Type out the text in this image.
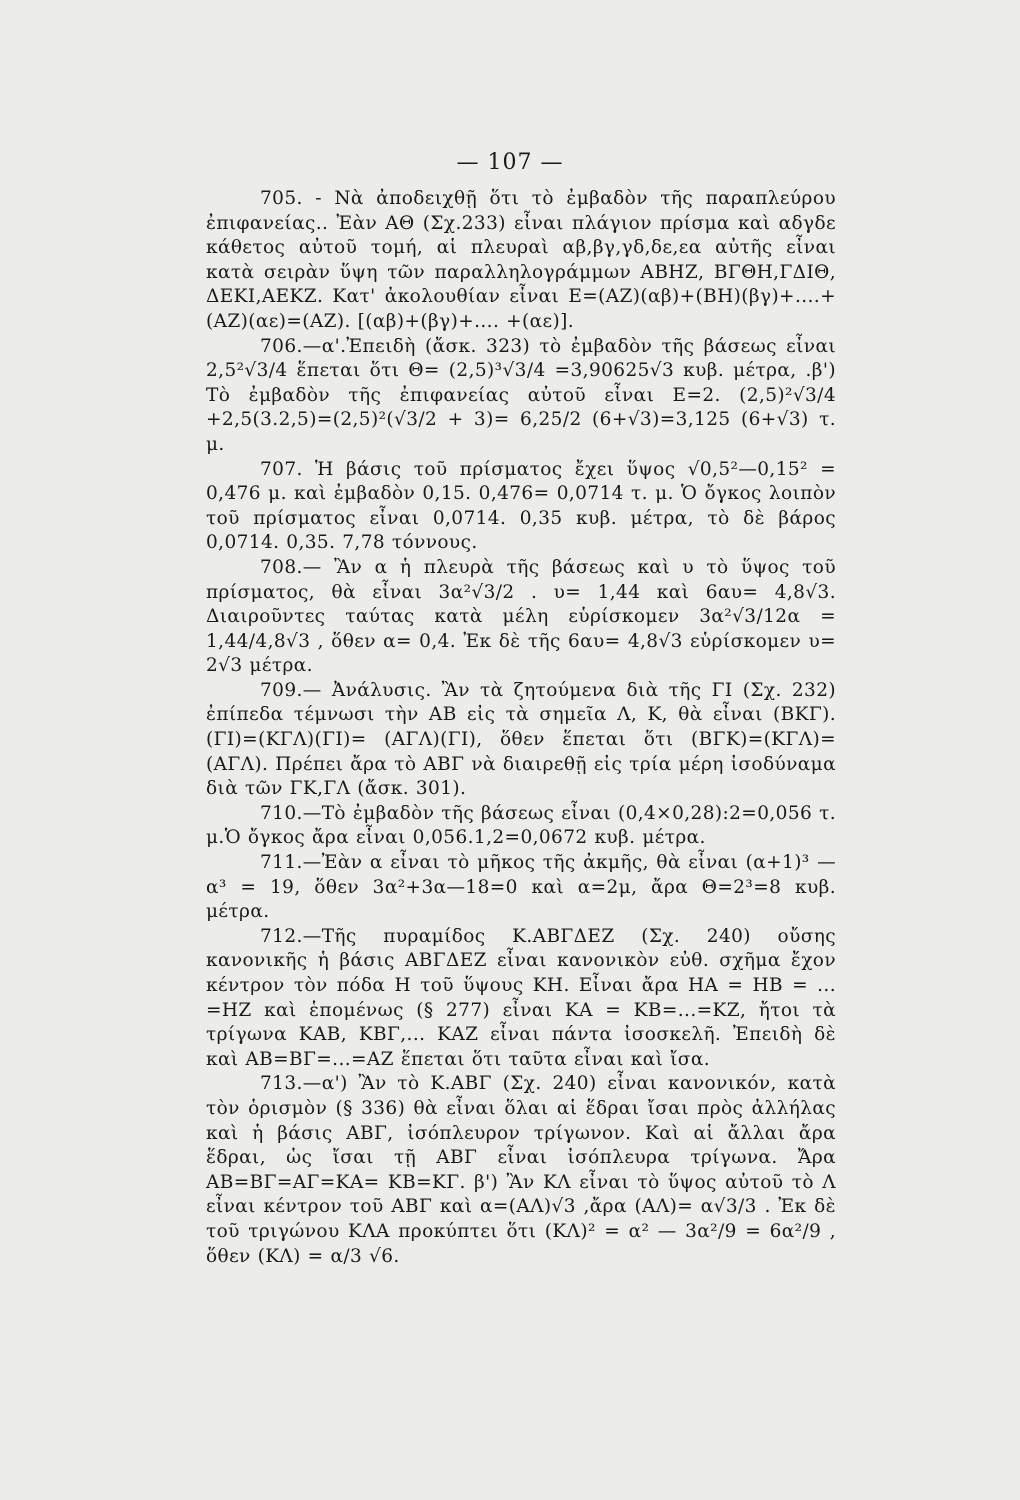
— 107 —

705. - Νὰ ἀποδειχθῇ ὅτι τὸ ἐμβαδὸν τῆς παραπλεύρου ἐπιφανείας.. Ἐὰν ΑΘ (Σχ.233) εἶναι πλάγιον πρίσμα καὶ αδγδε κάθετος αὐτοῦ τομή, αἱ πλευραὶ αβ,βγ,γδ,δε,εα αὐτῆς εἶναι κατὰ σειρὰν ὕψη τῶν παραλληλογράμμων ΑΒΗΖ, ΒΓΘΗ,ΓΔΙΘ, ΔΕΚΙ,ΑΕΚΖ. Κατ' ἀκολουθίαν εἶναι Ε=(ΑΖ)(αβ)+(ΒΗ)(βγ)+....+(ΑΖ)(αε)=(ΑΖ). [(αβ)+(βγ)+.... +(αε)].

706.—α'.Ἐπειδὴ (ἄσκ. 323) τὸ ἐμβαδὸν τῆς βάσεως εἶναι 2,5²√3/4 ἕπεται ὅτι Θ= (2,5)³√3/4 =3,90625√3 κυβ. μέτρα, .β') Τὸ ἐμβαδὸν τῆς ἐπιφανείας αὐτοῦ εἶναι Ε=2. (2,5)²√3/4 +2,5(3.2,5)=(2,5)²(√3/2 + 3)= 6,25/2 (6+√3)=3,125 (6+√3) τ. μ.

707. Ἡ βάσις τοῦ πρίσματος ἔχει ὕψος √0,5²—0,15² = 0,476 μ. καὶ ἐμβαδὸν 0,15. 0,476= 0,0714 τ. μ. Ὁ ὄγκος λοιπὸν τοῦ πρίσματος εἶναι 0,0714. 0,35 κυβ. μέτρα, τὸ δὲ βάρος 0,0714. 0,35. 7,78 τόννους.

708.— Ἂν α ἡ πλευρὰ τῆς βάσεως καὶ υ τὸ ὕψος τοῦ πρίσματος, θὰ εἶναι 3α²√3/2 . υ= 1,44 καὶ 6αυ= 4,8√3. Διαιροῦντες ταύτας κατὰ μέλη εὑρίσκομεν 3α²√3/12α = 1,44/4,8√3 , ὅθεν α= 0,4. Ἐκ δὲ τῆς 6αυ= 4,8√3 εὑρίσκομεν υ= 2√3 μέτρα.

709.— Ἀνάλυσις. Ἂν τὰ ζητούμενα διὰ τῆς ΓΙ (Σχ. 232) ἐπίπεδα τέμνωσι τὴν ΑΒ εἰς τὰ σημεῖα Λ, Κ, θὰ εἶναι (ΒΚΓ).(ΓΙ)=(ΚΓΛ)(ΓΙ)= (ΑΓΛ)(ΓΙ), ὅθεν ἕπεται ὅτι (ΒΓΚ)=(ΚΓΛ)=(ΑΓΛ). Πρέπει ἄρα τὸ ΑΒΓ νὰ διαιρεθῇ εἰς τρία μέρη ἰσοδύναμα διὰ τῶν ΓΚ,ΓΛ (ἄσκ. 301).

710.—Τὸ ἐμβαδὸν τῆς βάσεως εἶναι (0,4×0,28):2=0,056 τ. μ.Ὁ ὄγκος ἄρα εἶναι 0,056.1,2=0,0672 κυβ. μέτρα.

711.—Ἐὰν α εἶναι τὸ μῆκος τῆς ἀκμῆς, θὰ εἶναι (α+1)³ — α³ = 19, ὅθεν 3α²+3α—18=0 καὶ α=2μ, ἄρα Θ=2³=8 κυβ. μέτρα.

712.—Τῆς πυραμίδος Κ.ΑΒΓΔΕΖ (Σχ. 240) οὔσης κανονικῆς ἡ βάσις ΑΒΓΔΕΖ εἶναι κανονικὸν εὐθ. σχῆμα ἔχον κέντρον τὸν πόδα Η τοῦ ὕψους ΚΗ. Εἶναι ἄρα ΗΑ = ΗΒ = ... =ΗΖ καὶ ἑπομένως (§ 277) εἶναι ΚΑ = ΚΒ=...=ΚΖ, ἤτοι τὰ τρίγωνα ΚΑΒ, ΚΒΓ,... ΚΑΖ εἶναι πάντα ἰσοσκελῆ. Ἐπειδὴ δὲ καὶ ΑΒ=ΒΓ=...=ΑΖ ἕπεται ὅτι ταῦτα εἶναι καὶ ἴσα.

713.—α') Ἂν τὸ Κ.ΑΒΓ (Σχ. 240) εἶναι κανονικόν, κατὰ τὸν ὁρισμὸν (§ 336) θὰ εἶναι ὅλαι αἱ ἕδραι ἴσαι πρὸς ἀλλήλας καὶ ἡ βάσις ΑΒΓ, ἰσόπλευρον τρίγωνον. Καὶ αἱ ἄλλαι ἄρα ἕδραι, ὡς ἴσαι τῇ ΑΒΓ εἶναι ἰσόπλευρα τρίγωνα. Ἄρα ΑΒ=ΒΓ=ΑΓ=ΚΑ= ΚΒ=ΚΓ. β') Ἂν ΚΛ εἶναι τὸ ὕψος αὐτοῦ τὸ Λ εἶναι κέντρον τοῦ ΑΒΓ καὶ α=(ΑΛ)√3 ,ἄρα (ΑΛ)= α√3/3 . Ἐκ δὲ τοῦ τριγώνου ΚΛΑ προκύπτει ὅτι (ΚΛ)² = α² — 3α²/9 = 6α²/9 , ὅθεν (ΚΛ) = α/3 √6.
